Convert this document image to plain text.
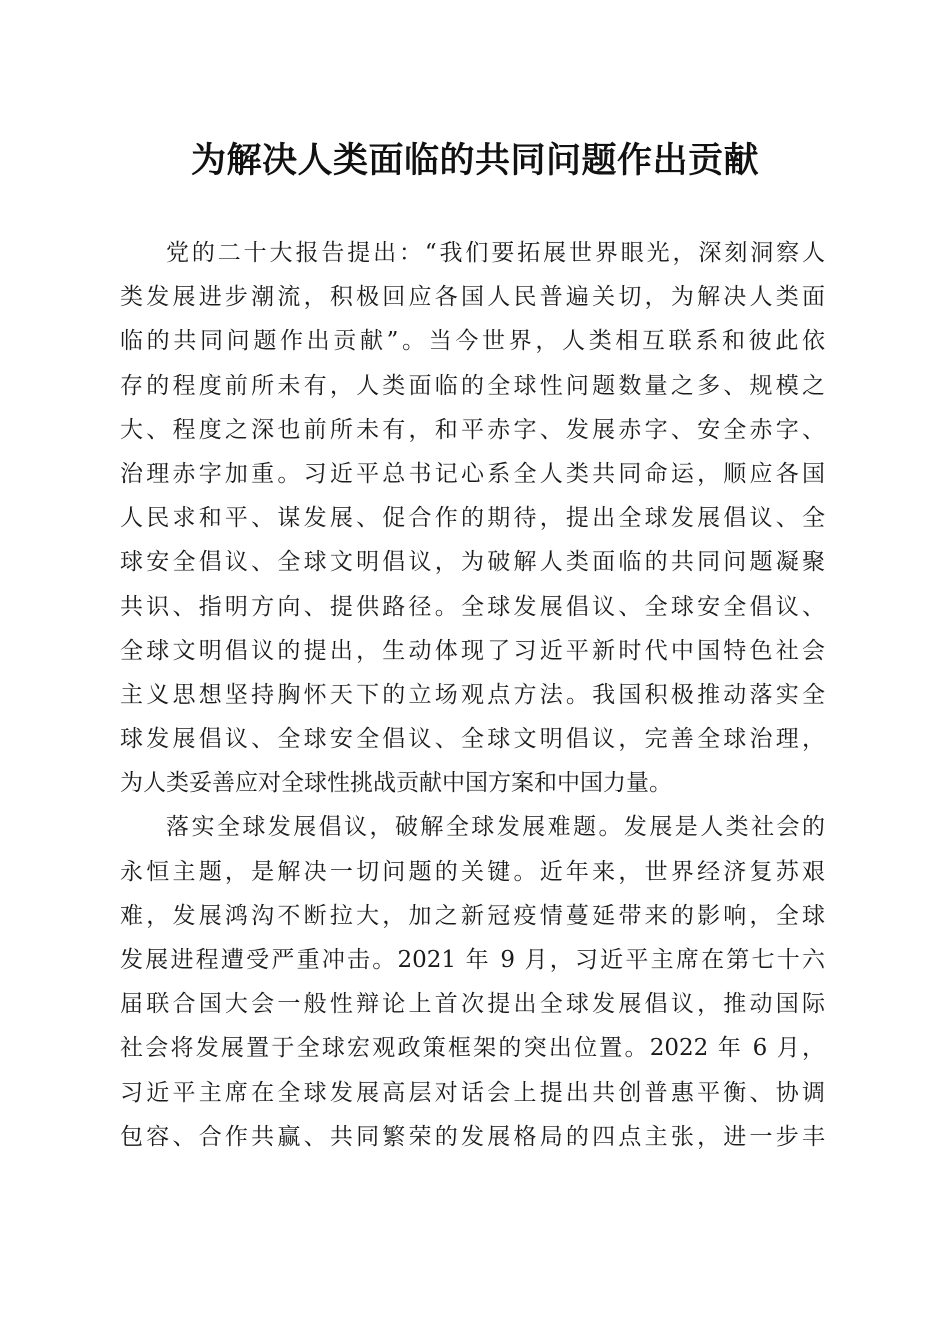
为解决人类面临的共同问题作出贡献
党的二十大报告提出：“我们要拓展世界眼光，深刻洞察人
类发展进步潮流，积极回应各国人民普遍关切，为解决人类面
临的共同问题作出贡献”。当今世界，人类相互联系和彼此依
存的程度前所未有，人类面临的全球性问题数量之多、规模之
大、程度之深也前所未有，和平赤字、发展赤字、安全赤字、
治理赤字加重。习近平总书记心系全人类共同命运，顺应各国
人民求和平、谋发展、促合作的期待，提出全球发展倡议、全
球安全倡议、全球文明倡议，为破解人类面临的共同问题凝聚
共识、指明方向、提供路径。全球发展倡议、全球安全倡议、
全球文明倡议的提出，生动体现了习近平新时代中国特色社会
主义思想坚持胸怀天下的立场观点方法。我国积极推动落实全
球发展倡议、全球安全倡议、全球文明倡议，完善全球治理，
为人类妥善应对全球性挑战贡献中国方案和中国力量。
落实全球发展倡议，破解全球发展难题。发展是人类社会的
永恒主题，是解决一切问题的关键。近年来，世界经济复苏艰
难，发展鸿沟不断拉大，加之新冠疫情蔓延带来的影响，全球
发展进程遭受严重冲击。2021 年 9 月，习近平主席在第七十六
届联合国大会一般性辩论上首次提出全球发展倡议，推动国际
社会将发展置于全球宏观政策框架的突出位置。2022 年 6 月，
习近平主席在全球发展高层对话会上提出共创普惠平衡、协调
包容、合作共赢、共同繁荣的发展格局的四点主张，进一步丰
